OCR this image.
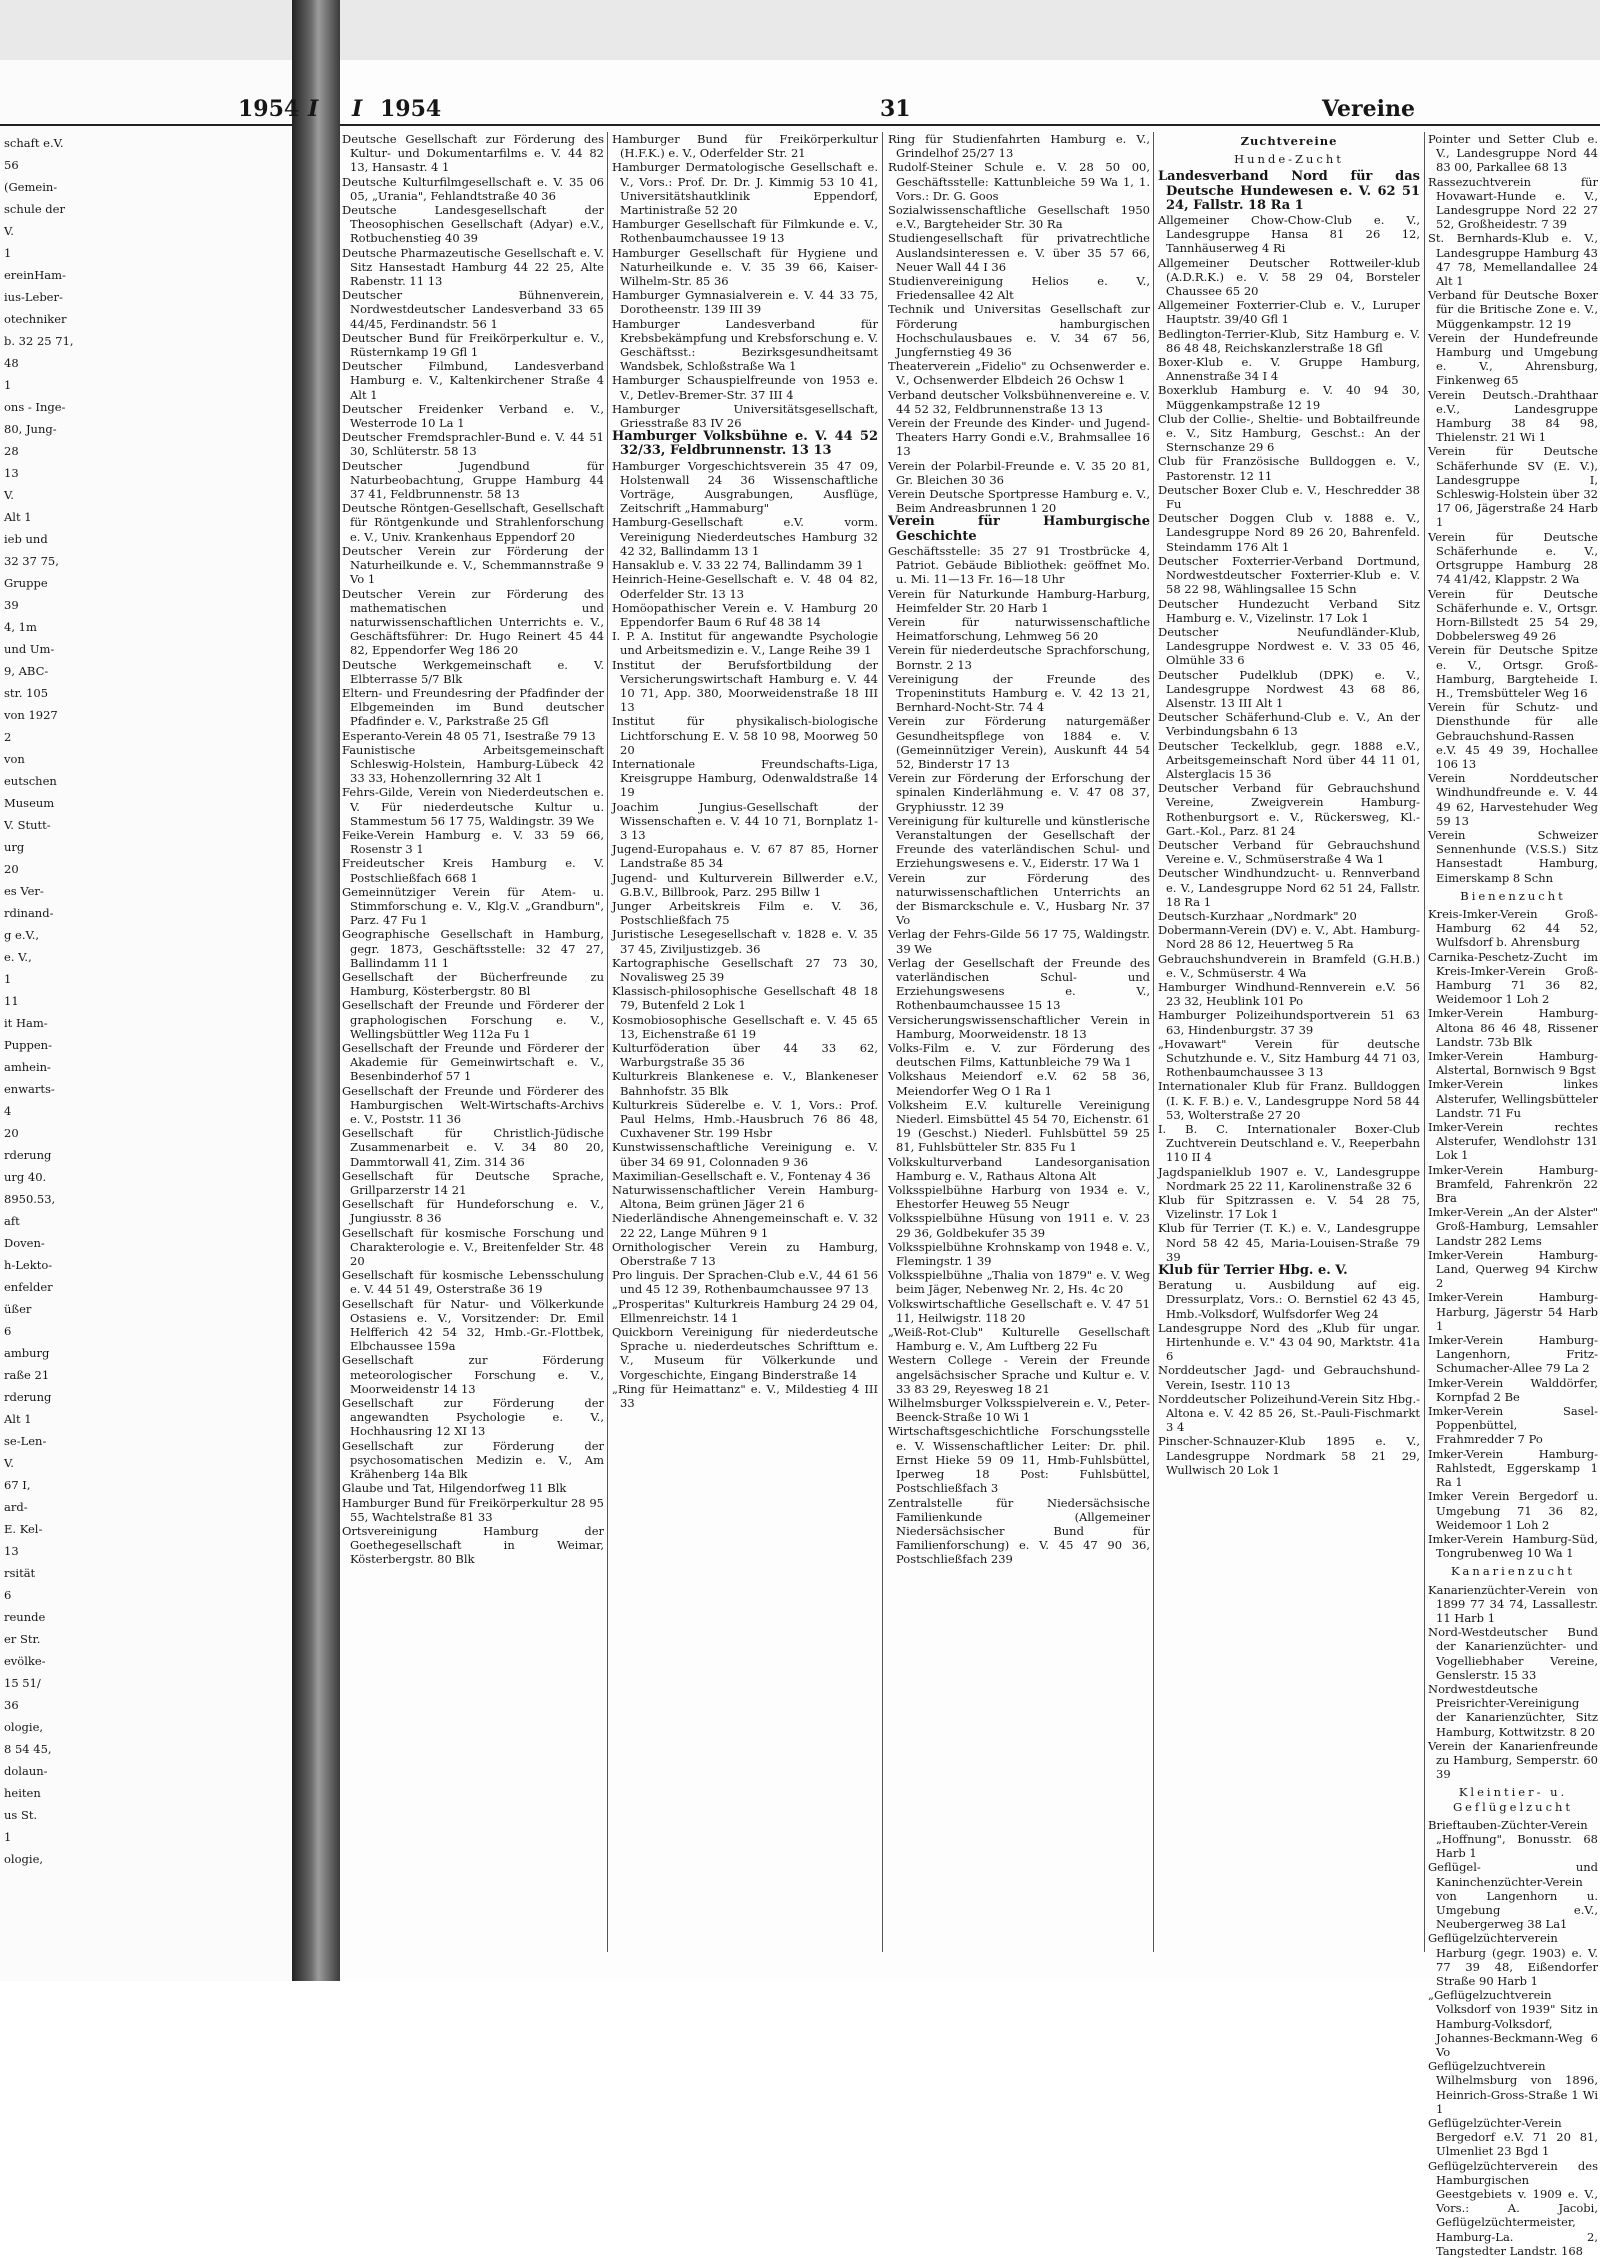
1954 I I 1954	31	Vereine
schaft e.V.
56
(Gemein-
schule der
V.
1
ereinHam-
ius-Leber-
otechniker
b. 32 25 71,
48
1
ons - Inge-
80, Jung-
28
13
V.
Alt 1
ieb und
32 37 75,
Gruppe
39
4, 1m
und Um-
9, ABC-
str. 105
von 1927
2
von
eutschen
Museum
V. Stutt-
urg
20
es Ver-
rdinand-
g e.V.,
e. V.,
1
11
it Ham-
Puppen-
amhein-
enwarts-
4
20
rderung
urg 40.
8950.53,
aft
Doven-
h-Lekto-
enfelder
üßer
6
amburg
raße 21
rderung
Alt 1
se-Len-
V.
67 I,
ard-
E. Kel-
13
rsität
6
reunde
er Str.
evölke-
15 51/
36
ologie,
8 54 45,
dolaun-
heiten
us St.
1
ologie,
Deutsche Gesellschaft zur Förderung des Kultur- und Dokumentarfilms e. V. 44 82 13, Hansastr. 4 1
Deutsche Kulturfilmgesellschaft e. V. 35 06 05, „Urania", Fehlandtstraße 40 36
Deutsche Landesgesellschaft der Theosophischen Gesellschaft (Adyar) e.V., Rotbuchenstieg 40 39
Deutsche Pharmazeutische Gesellschaft e. V. Sitz Hansestadt Hamburg 44 22 25, Alte Rabenstr. 11 13
Deutscher Bühnenverein, Nordwestdeutscher Landesverband 33 65 44/45, Ferdinandstr. 56 1
Deutscher Bund für Freikörperkultur e. V., Rüsternkamp 19 Gfl 1
Deutscher Filmbund, Landesverband Hamburg e. V., Kaltenkirchener Straße 4 Alt 1
Deutscher Freidenker Verband e. V., Westerrode 10 La 1
Deutscher Fremdsprachler-Bund e. V. 44 51 30, Schlüterstr. 58 13
Deutscher Jugendbund für Naturbeobachtung, Gruppe Hamburg 44 37 41, Feldbrunnenstr. 58 13
Deutsche Röntgen-Gesellschaft, Gesellschaft für Röntgenkunde und Strahlenforschung e. V., Univ. Krankenhaus Eppendorf 20
Deutscher Verein zur Förderung der Naturheilkunde e. V., Schemmannstraße 9 Vo 1
Deutscher Verein zur Förderung des mathematischen und naturwissenschaftlichen Unterrichts e. V., Geschäftsführer: Dr. Hugo Reinert 45 44 82, Eppendorfer Weg 186 20
Deutsche Werkgemeinschaft e. V. Elbterrasse 5/7 Blk
Eltern- und Freundesring der Pfadfinder der Elbgemeinden im Bund deutscher Pfadfinder e. V., Parkstraße 25 Gfl
Esperanto-Verein 48 05 71, Isestraße 79 13
Faunistische Arbeitsgemeinschaft Schleswig-Holstein, Hamburg-Lübeck 42 33 33, Hohenzollernring 32 Alt 1
Fehrs-Gilde, Verein von Niederdeutschen e. V. Für niederdeutsche Kultur u. Stammestum 56 17 75, Waldingstr. 39 We
Feike-Verein Hamburg e. V. 33 59 66, Rosenstr 3 1
Freideutscher Kreis Hamburg e. V. Postschließfach 668 1
Gemeinnütziger Verein für Atem- u. Stimmforschung e. V., Klg.V. „Grandburn", Parz. 47 Fu 1
Geographische Gesellschaft in Hamburg, gegr. 1873, Geschäftsstelle: 32 47 27, Ballindamm 11 1
Gesellschaft der Bücherfreunde zu Hamburg, Kösterbergstr. 80 Bl
Gesellschaft der Freunde und Förderer der graphologischen Forschung e. V., Wellingsbüttler Weg 112a Fu 1
Gesellschaft der Freunde und Förderer der Akademie für Gemeinwirtschaft e. V., Besenbinderhof 57 1
Gesellschaft der Freunde und Förderer des Hamburgischen Welt-Wirtschafts-Archivs e. V., Poststr. 11 36
Gesellschaft für Christlich-Jüdische Zusammenarbeit e. V. 34 80 20, Dammtorwall 41, Zim. 314 36
Gesellschaft für Deutsche Sprache, Grillparzerstr 14 21
Gesellschaft für Hundeforschung e. V., Jungiusstr. 8 36
Gesellschaft für kosmische Forschung und Charakterologie e. V., Breitenfelder Str. 48 20
Gesellschaft für kosmische Lebensschulung e. V. 44 51 49, Osterstraße 36 19
Gesellschaft für Natur- und Völkerkunde Ostasiens e. V., Vorsitzender: Dr. Emil Helfferich 42 54 32, Hmb.-Gr.-Flottbek, Elbchaussee 159a
Gesellschaft zur Förderung meteorologischer Forschung e. V., Moorweidenstr 14 13
Gesellschaft zur Förderung der angewandten Psychologie e. V., Hochhausring 12 XI 13
Gesellschaft zur Förderung der psychosomatischen Medizin e. V., Am Krähenberg 14a Blk
Glaube und Tat, Hilgendorfweg 11 Blk
Hamburger Bund für Freikörperkultur 28 95 55, Wachtelstraße 81 33
Ortsvereinigung Hamburg der Goethegesellschaft in Weimar, Kösterbergstr. 80 Blk
Hamburger Bund für Freikörperkultur (H.F.K.) e. V., Oderfelder Str. 21
Hamburger Dermatologische Gesellschaft e. V., Vors.: Prof. Dr. Dr. J. Kimmig 53 10 41, Universitätshautklinik Eppendorf, Martinistraße 52 20
Hamburger Gesellschaft für Filmkunde e. V., Rothenbaumchaussee 19 13
Hamburger Gesellschaft für Hygiene und Naturheilkunde e. V. 35 39 66, Kaiser-Wilhelm-Str. 85 36
Hamburger Gymnasialverein e. V. 44 33 75, Dorotheenstr. 139 III 39
Hamburger Landesverband für Krebsbekämpfung und Krebsforschung e. V. Geschäftsst.: Bezirksgesundheitsamt Wandsbek, Schloßstraße Wa 1
Hamburger Schauspielfreunde von 1953 e. V., Detlev-Bremer-Str. 37 III 4
Hamburger Universitätsgesellschaft, Griesstraße 83 IV 26
Hamburger Volksbühne e. V. 44 52 32/33, Feldbrunnenstr. 13 13
Hamburger Vorgeschichtsverein 35 47 09, Holstenwall 24 36 Wissenschaftliche Vorträge, Ausgrabungen, Ausflüge, Zeitschrift „Hammaburg"
Hamburg-Gesellschaft e.V. vorm. Vereinigung Niederdeutsches Hamburg 32 42 32, Ballindamm 13 1
Hansaklub e. V. 33 22 74, Ballindamm 39 1
Heinrich-Heine-Gesellschaft e. V. 48 04 82, Oderfelder Str. 13 13
Homöopathischer Verein e. V. Hamburg 20 Eppendorfer Baum 6 Ruf 48 38 14
I. P. A. Institut für angewandte Psychologie und Arbeitsmedizin e. V., Lange Reihe 39 1
Institut der Berufsfortbildung der Versicherungswirtschaft Hamburg e. V. 44 10 71, App. 380, Moorweidenstraße 18 III 13
Institut für physikalisch-biologische Lichtforschung E. V. 58 10 98, Moorweg 50 20
Internationale Freundschafts-Liga, Kreisgruppe Hamburg, Odenwaldstraße 14 19
Joachim Jungius-Gesellschaft der Wissenschaften e. V. 44 10 71, Bornplatz 1-3 13
Jugend-Europahaus e. V. 67 87 85, Horner Landstraße 85 34
Jugend- und Kulturverein Billwerder e.V., G.B.V., Billbrook, Parz. 295 Billw 1
Junger Arbeitskreis Film e. V. 36, Postschließfach 75
Juristische Lesegesellschaft v. 1828 e. V. 35 37 45, Ziviljustizgeb. 36
Kartographische Gesellschaft 27 73 30, Novalisweg 25 39
Klassisch-philosophische Gesellschaft 48 18 79, Butenfeld 2 Lok 1
Kosmobiosophische Gesellschaft e. V. 45 65 13, Eichenstraße 61 19
Kulturföderation über 44 33 62, Warburgstraße 35 36
Kulturkreis Blankenese e. V., Blankeneser Bahnhofstr. 35 Blk
Kulturkreis Süderelbe e. V. 1, Vors.: Prof. Paul Helms, Hmb.-Hausbruch 76 86 48, Cuxhavener Str. 199 Hsbr
Kunstwissenschaftliche Vereinigung e. V. über 34 69 91, Colonnaden 9 36
Maximilian-Gesellschaft e. V., Fontenay 4 36
Naturwissenschaftlicher Verein Hamburg-Altona, Beim grünen Jäger 21 6
Niederländische Ahnengemeinschaft e. V. 32 22 22, Lange Mühren 9 1
Ornithologischer Verein zu Hamburg, Oberstraße 7 13
Pro linguis. Der Sprachen-Club e.V., 44 61 56 und 45 12 39, Rothenbaumchaussee 97 13
„Prosperitas" Kulturkreis Hamburg 24 29 04, Ellmenreichstr. 14 1
Quickborn Vereinigung für niederdeutsche Sprache u. niederdeutsches Schrifttum e. V., Museum für Völkerkunde und Vorgeschichte, Eingang Binderstraße 14
„Ring für Heimattanz" e. V., Mildestieg 4 III 33
Ring für Studienfahrten Hamburg e. V., Grindelhof 25/27 13
Rudolf-Steiner Schule e. V. 28 50 00, Geschäftsstelle: Kattunbleiche 59 Wa 1, 1. Vors.: Dr. G. Goos
Sozialwissenschaftliche Gesellschaft 1950 e.V., Bargteheider Str. 30 Ra
Studiengesellschaft für privatrechtliche Auslandsinteressen e. V. über 35 57 66, Neuer Wall 44 I 36
Studienvereinigung Helios e. V., Friedensallee 42 Alt
Technik und Universitas Gesellschaft zur Förderung hamburgischen Hochschulausbaues e. V. 34 67 56, Jungfernstieg 49 36
Theaterverein „Fidelio" zu Ochsenwerder e. V., Ochsenwerder Elbdeich 26 Ochsw 1
Verband deutscher Volksbühnenvereine e. V. 44 52 32, Feldbrunnenstraße 13 13
Verein der Freunde des Kinder- und Jugend-Theaters Harry Gondi e.V., Brahmsallee 16 13
Verein der Polarbil-Freunde e. V. 35 20 81, Gr. Bleichen 30 36
Verein Deutsche Sportpresse Hamburg e. V., Beim Andreasbrunnen 1 20
Verein für Hamburgische Geschichte
Geschäftsstelle: 35 27 91 Trostbrücke 4, Patriot. Gebäude Bibliothek: geöffnet Mo. u. Mi. 11—13 Fr. 16—18 Uhr
Verein für Naturkunde Hamburg-Harburg, Heimfelder Str. 20 Harb 1
Verein für naturwissenschaftliche Heimatforschung, Lehmweg 56 20
Verein für niederdeutsche Sprachforschung, Bornstr. 2 13
Vereinigung der Freunde des Tropeninstituts Hamburg e. V. 42 13 21, Bernhard-Nocht-Str. 74 4
Verein zur Förderung naturgemäßer Gesundheitspflege von 1884 e. V. (Gemeinnütziger Verein), Auskunft 44 54 52, Binderstr 17 13
Verein zur Förderung der Erforschung der spinalen Kinderlähmung e. V. 47 08 37, Gryphiusstr. 12 39
Vereinigung für kulturelle und künstlerische Veranstaltungen der Gesellschaft der Freunde des vaterländischen Schul- und Erziehungswesens e. V., Eiderstr. 17 Wa 1
Verein zur Förderung des naturwissenschaftlichen Unterrichts an der Bismarckschule e. V., Husbarg Nr. 37 Vo
Verlag der Fehrs-Gilde 56 17 75, Waldingstr. 39 We
Verlag der Gesellschaft der Freunde des vaterländischen Schul- und Erziehungswesens e. V., Rothenbaumchaussee 15 13
Versicherungswissenschaftlicher Verein in Hamburg, Moorweidenstr. 18 13
Volks-Film e. V. zur Förderung des deutschen Films, Kattunbleiche 79 Wa 1
Volkshaus Meiendorf e.V. 62 58 36, Meiendorfer Weg O 1 Ra 1
Volksheim E.V. kulturelle Vereinigung Niederl. Eimsbüttel 45 54 70, Eichenstr. 61 19 (Geschst.) Niederl. Fuhlsbüttel 59 25 81, Fuhlsbütteler Str. 835 Fu 1
Volkskulturverband Landesorganisation Hamburg e. V., Rathaus Altona Alt
Volksspielbühne Harburg von 1934 e. V., Ehestorfer Heuweg 55 Neugr
Volksspielbühne Hüsung von 1911 e. V. 23 29 36, Goldbekufer 35 39
Volksspielbühne Krohnskamp von 1948 e. V., Flemingstr. 1 39
Volksspielbühne „Thalia von 1879" e. V. Weg beim Jäger, Nebenweg Nr. 2, Hs. 4c 20
Volkswirtschaftliche Gesellschaft e. V. 47 51 11, Heilwigstr. 118 20
„Weiß-Rot-Club" Kulturelle Gesellschaft Hamburg e. V., Am Luftberg 22 Fu
Western College - Verein der Freunde angelsächsischer Sprache und Kultur e. V. 33 83 29, Reyesweg 18 21
Wilhelmsburger Volksspielverein e. V., Peter-Beenck-Straße 10 Wi 1
Wirtschaftsgeschichtliche Forschungsstelle e. V. Wissenschaftlicher Leiter: Dr. phil. Ernst Hieke 59 09 11, Hmb-Fuhlsbüttel, Iperweg 18 Post: Fuhlsbüttel, Postschließfach 3
Zentralstelle für Niedersächsische Familienkunde (Allgemeiner Niedersächsischer Bund für Familienforschung) e. V. 45 47 90 36, Postschließfach 239
Zuchtvereine
Hunde-Zucht
Landesverband Nord für das Deutsche Hundewesen e. V. 62 51 24, Fallstr. 18 Ra 1
Allgemeiner Chow-Chow-Club e. V., Landesgruppe Hansa 81 26 12, Tannhäuserweg 4 Ri
Allgemeiner Deutscher Rottweiler-klub (A.D.R.K.) e. V. 58 29 04, Borsteler Chaussee 65 20
Allgemeiner Foxterrier-Club e. V., Luruper Hauptstr. 39/40 Gfl 1
Bedlington-Terrier-Klub, Sitz Hamburg e. V. 86 48 48, Reichskanzlerstraße 18 Gfl
Boxer-Klub e. V. Gruppe Hamburg, Annenstraße 34 I 4
Boxerklub Hamburg e. V. 40 94 30, Müggenkampstraße 12 19
Club der Collie-, Sheltie- und Bobtailfreunde e. V., Sitz Hamburg, Geschst.: An der Sternschanze 29 6
Club für Französische Bulldoggen e. V., Pastorenstr. 12 11
Deutscher Boxer Club e. V., Heschredder 38 Fu
Deutscher Doggen Club v. 1888 e. V., Landesgruppe Nord 89 26 20, Bahrenfeld. Steindamm 176 Alt 1
Deutscher Foxterrier-Verband Dortmund, Nordwestdeutscher Foxterrier-Klub e. V. 58 22 98, Wählingsallee 15 Schn
Deutscher Hundezucht Verband Sitz Hamburg e. V., Vizelinstr. 17 Lok 1
Deutscher Neufundländer-Klub, Landesgruppe Nordwest e. V. 33 05 46, Olmühle 33 6
Deutscher Pudelklub (DPK) e. V., Landesgruppe Nordwest 43 68 86, Alsenstr. 13 III Alt 1
Deutscher Schäferhund-Club e. V., An der Verbindungsbahn 6 13
Deutscher Teckelklub, gegr. 1888 e.V., Arbeitsgemeinschaft Nord über 44 11 01, Alsterglacis 15 36
Deutscher Verband für Gebrauchshund Vereine, Zweigverein Hamburg-Rothenburgsort e. V., Rückersweg, Kl.-Gart.-Kol., Parz. 81 24
Deutscher Verband für Gebrauchshund Vereine e. V., Schmüserstraße 4 Wa 1
Deutscher Windhundzucht- u. Rennverband e. V., Landesgruppe Nord 62 51 24, Fallstr. 18 Ra 1
Deutsch-Kurzhaar „Nordmark" 20
Dobermann-Verein (DV) e. V., Abt. Hamburg-Nord 28 86 12, Heuertweg 5 Ra
Gebrauchshundverein in Bramfeld (G.H.B.) e. V., Schmüserstr. 4 Wa
Hamburger Windhund-Rennverein e.V. 56 23 32, Heublink 101 Po
Hamburger Polizeihundsportverein 51 63 63, Hindenburgstr. 37 39
„Hovawart" Verein für deutsche Schutzhunde e. V., Sitz Hamburg 44 71 03, Rothenbaumchaussee 3 13
Internationaler Klub für Franz. Bulldoggen (I. K. F. B.) e. V., Landesgruppe Nord 58 44 53, Wolterstraße 27 20
I. B. C. Internationaler Boxer-Club Zuchtverein Deutschland e. V., Reeperbahn 110 II 4
Jagdspanielklub 1907 e. V., Landesgruppe Nordmark 25 22 11, Karolinenstraße 32 6
Klub für Spitzrassen e. V. 54 28 75, Vizelinstr. 17 Lok 1
Klub für Terrier (T. K.) e. V., Landesgruppe Nord 58 42 45, Maria-Louisen-Straße 79 39
Klub für Terrier Hbg. e. V.
Beratung u. Ausbildung auf eig. Dressurplatz, Vors.: O. Bernstiel 62 43 45, Hmb.-Volksdorf, Wulfsdorfer Weg 24
Landesgruppe Nord des „Klub für ungar. Hirtenhunde e. V." 43 04 90, Marktstr. 41a 6
Norddeutscher Jagd- und Gebrauchshund-Verein, Isestr. 110 13
Norddeutscher Polizeihund-Verein Sitz Hbg.-Altona e. V. 42 85 26, St.-Pauli-Fischmarkt 3 4
Pinscher-Schnauzer-Klub 1895 e. V., Landesgruppe Nordmark 58 21 29, Wullwisch 20 Lok 1
Pointer und Setter Club e. V., Landesgruppe Nord 44 83 00, Parkallee 68 13
Rassezuchtverein für Hovawart-Hunde e. V., Landesgruppe Nord 22 27 52, Großheidestr. 7 39
St. Bernhards-Klub e. V., Landesgruppe Hamburg 43 47 78, Memellandallee 24 Alt 1
Verband für Deutsche Boxer für die Britische Zone e. V., Müggenkampstr. 12 19
Verein der Hundefreunde Hamburg und Umgebung e. V., Ahrensburg, Finkenweg 65
Verein Deutsch.-Drahthaar e.V., Landesgruppe Hamburg 38 84 98, Thielenstr. 21 Wi 1
Verein für Deutsche Schäferhunde SV (E. V.), Landesgruppe I, Schleswig-Holstein über 32 17 06, Jägerstraße 24 Harb 1
Verein für Deutsche Schäferhunde e. V., Ortsgruppe Hamburg 28 74 41/42, Klappstr. 2 Wa
Verein für Deutsche Schäferhunde e. V., Ortsgr. Horn-Billstedt 25 54 29, Dobbelersweg 49 26
Verein für Deutsche Spitze e. V., Ortsgr. Groß-Hamburg, Bargteheide I. H., Tremsbütteler Weg 16
Verein für Schutz- und Diensthunde für alle Gebrauchshund-Rassen e.V. 45 49 39, Hochallee 106 13
Verein Norddeutscher Windhundfreunde e. V. 44 49 62, Harvestehuder Weg 59 13
Verein Schweizer Sennenhunde (V.S.S.) Sitz Hansestadt Hamburg, Eimerskamp 8 Schn
Bienenzucht
Kreis-Imker-Verein Groß-Hamburg 62 44 52, Wulfsdorf b. Ahrensburg
Carnika-Peschetz-Zucht im Kreis-Imker-Verein Groß-Hamburg 71 36 82, Weidemoor 1 Loh 2
Imker-Verein Hamburg-Altona 86 46 48, Rissener Landstr. 73b Blk
Imker-Verein Hamburg-Alstertal, Bornwisch 9 Bgst
Imker-Verein linkes Alsterufer, Wellingsbütteler Landstr. 71 Fu
Imker-Verein rechtes Alsterufer, Wendlohstr 131 Lok 1
Imker-Verein Hamburg-Bramfeld, Fahrenkrön 22 Bra
Imker-Verein „An der Alster" Groß-Hamburg, Lemsahler Landstr 282 Lems
Imker-Verein Hamburg-Land, Querweg 94 Kirchw 2
Imker-Verein Hamburg-Harburg, Jägerstr 54 Harb 1
Imker-Verein Hamburg-Langenhorn, Fritz-Schumacher-Allee 79 La 2
Imker-Verein Walddörfer, Kornpfad 2 Be
Imker-Verein Sasel-Poppenbüttel, Frahmredder 7 Po
Imker-Verein Hamburg-Rahlstedt, Eggerskamp 1 Ra 1
Imker Verein Bergedorf u. Umgebung 71 36 82, Weidemoor 1 Loh 2
Imker-Verein Hamburg-Süd, Tongrubenweg 10 Wa 1
Kanarienzucht
Kanarienzüchter-Verein von 1899 77 34 74, Lassallestr. 11 Harb 1
Nord-Westdeutscher Bund der Kanarienzüchter- und Vogelliebhaber Vereine, Genslerstr. 15 33
Nordwestdeutsche Preisrichter-Vereinigung der Kanarienzüchter, Sitz Hamburg, Kottwitzstr. 8 20
Verein der Kanarienfreunde zu Hamburg, Semperstr. 60 39
Kleintier- u. Geflügelzucht
Brieftauben-Züchter-Verein „Hoffnung", Bonusstr. 68 Harb 1
Geflügel- und Kaninchenzüchter-Verein von Langenhorn u. Umgebung e.V., Neubergerweg 38 La1
Geflügelzüchterverein Harburg (gegr. 1903) e. V. 77 39 48, Eißendorfer Straße 90 Harb 1
„Geflügelzuchtverein Volksdorf von 1939" Sitz in Hamburg-Volksdorf, Johannes-Beckmann-Weg 6 Vo
Geflügelzuchtverein Wilhelmsburg von 1896, Heinrich-Gross-Straße 1 Wi 1
Geflügelzüchter-Verein Bergedorf e.V. 71 20 81, Ulmenliet 23 Bgd 1
Geflügelzüchterverein des Hamburgischen Geestgebiets v. 1909 e. V., Vors.: A. Jacobi, Geflügelzüchtermeister, Hamburg-La. 2, Tangstedter Landstr. 168
